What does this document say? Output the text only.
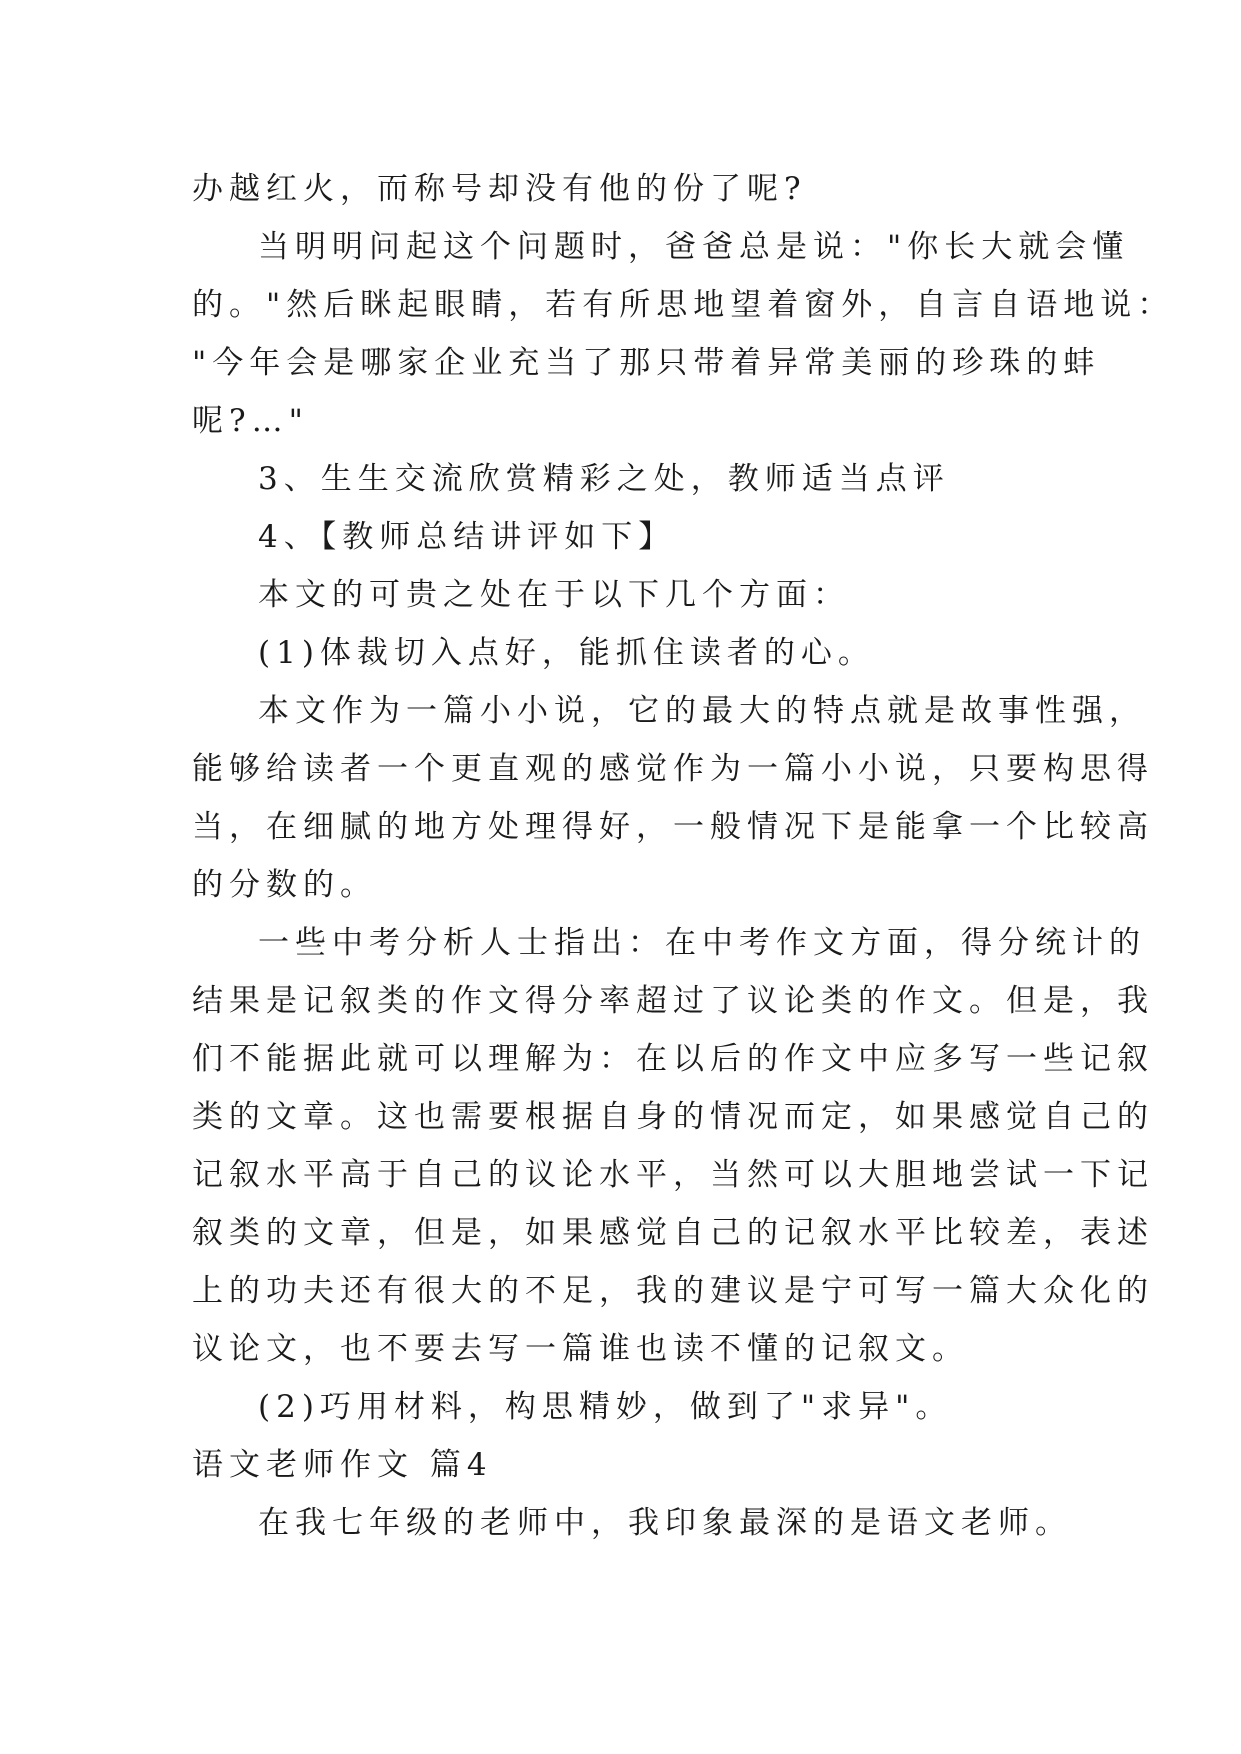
办越红火，而称号却没有他的份了呢?
当明明问起这个问题时，爸爸总是说："你长大就会懂
的。"然后眯起眼睛，若有所思地望着窗外，自言自语地说：
"今年会是哪家企业充当了那只带着异常美丽的珍珠的蚌
呢?…"
3、生生交流欣赏精彩之处，教师适当点评
4、【教师总结讲评如下】
本文的可贵之处在于以下几个方面：
(1)体裁切入点好，能抓住读者的心。
本文作为一篇小小说，它的最大的特点就是故事性强，
能够给读者一个更直观的感觉作为一篇小小说，只要构思得
当，在细腻的地方处理得好，一般情况下是能拿一个比较高
的分数的。
一些中考分析人士指出：在中考作文方面，得分统计的
结果是记叙类的作文得分率超过了议论类的作文。但是，我
们不能据此就可以理解为：在以后的作文中应多写一些记叙
类的文章。这也需要根据自身的情况而定，如果感觉自己的
记叙水平高于自己的议论水平，当然可以大胆地尝试一下记
叙类的文章，但是，如果感觉自己的记叙水平比较差，表述
上的功夫还有很大的不足，我的建议是宁可写一篇大众化的
议论文，也不要去写一篇谁也读不懂的记叙文。
(2)巧用材料，构思精妙，做到了"求异"。
语文老师作文 篇4
在我七年级的老师中，我印象最深的是语文老师。
